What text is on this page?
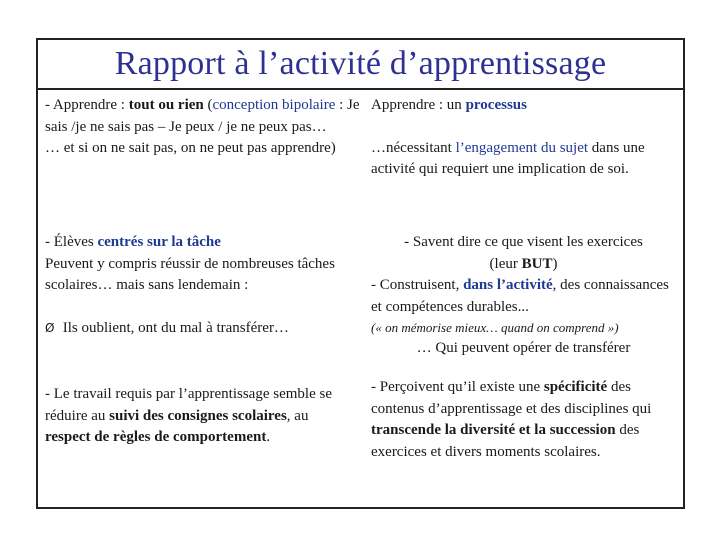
Rapport à l’activité d’apprentissage
- Apprendre : tout ou rien (conception bipolaire : Je sais /je ne sais pas – Je peux / je ne peux pas…
… et si on ne sait pas, on ne peut pas apprendre)
- Élèves centrés sur la tâche
Peuvent y compris réussir de nombreuses tâches scolaires… mais sans lendemain :
Ø Ils oublient, ont du mal à transférer…
- Le travail requis par l’apprentissage semble se réduire au suivi des consignes scolaires, au respect de règles de comportement.
Apprendre : un processus

…nécessitant l’engagement du sujet dans une activité qui requiert une implication de soi.
- Savent dire ce que visent les exercices
(leur BUT)
- Construisent, dans l’activité, des connaissances et compétences durables...
(« on mémorise mieux… quand on comprend »)
… Qui peuvent opérer de transférer
- Perçoivent qu’il existe une spécificité des contenus d’apprentissage et des disciplines qui transcende la diversité et la succession des exercices et divers moments scolaires.
